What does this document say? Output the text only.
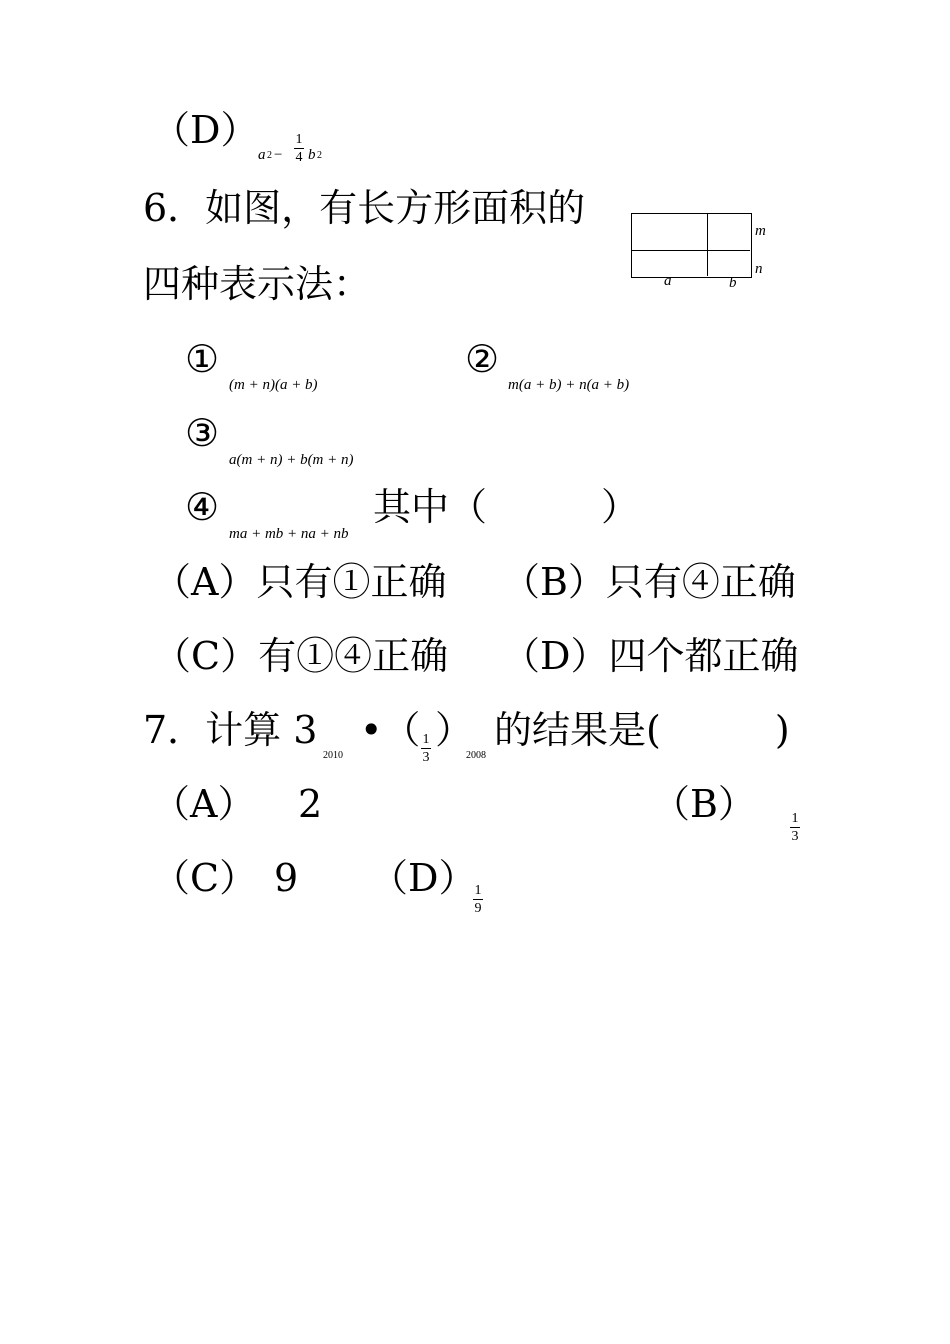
（D）
a 2 −
1
4 b 2
6．如图，有长方形面积的
四种表示法：
m
n
a	b
①
(m + n)(a + b)
②
m(a + b) + n(a + b)
③
a(m + n) + b(m + n)
④
ma + mb + na + nb
其中（　　　）
（A）只有①正确 （B）只有④正确
（C）有①④正确 （D）四个都正确
7．计算 3
2010
•（ 1
3
）
2008
的结果是(　　　)
（A） 2	（B）	1
3
（C） 9 （D）
1
9
